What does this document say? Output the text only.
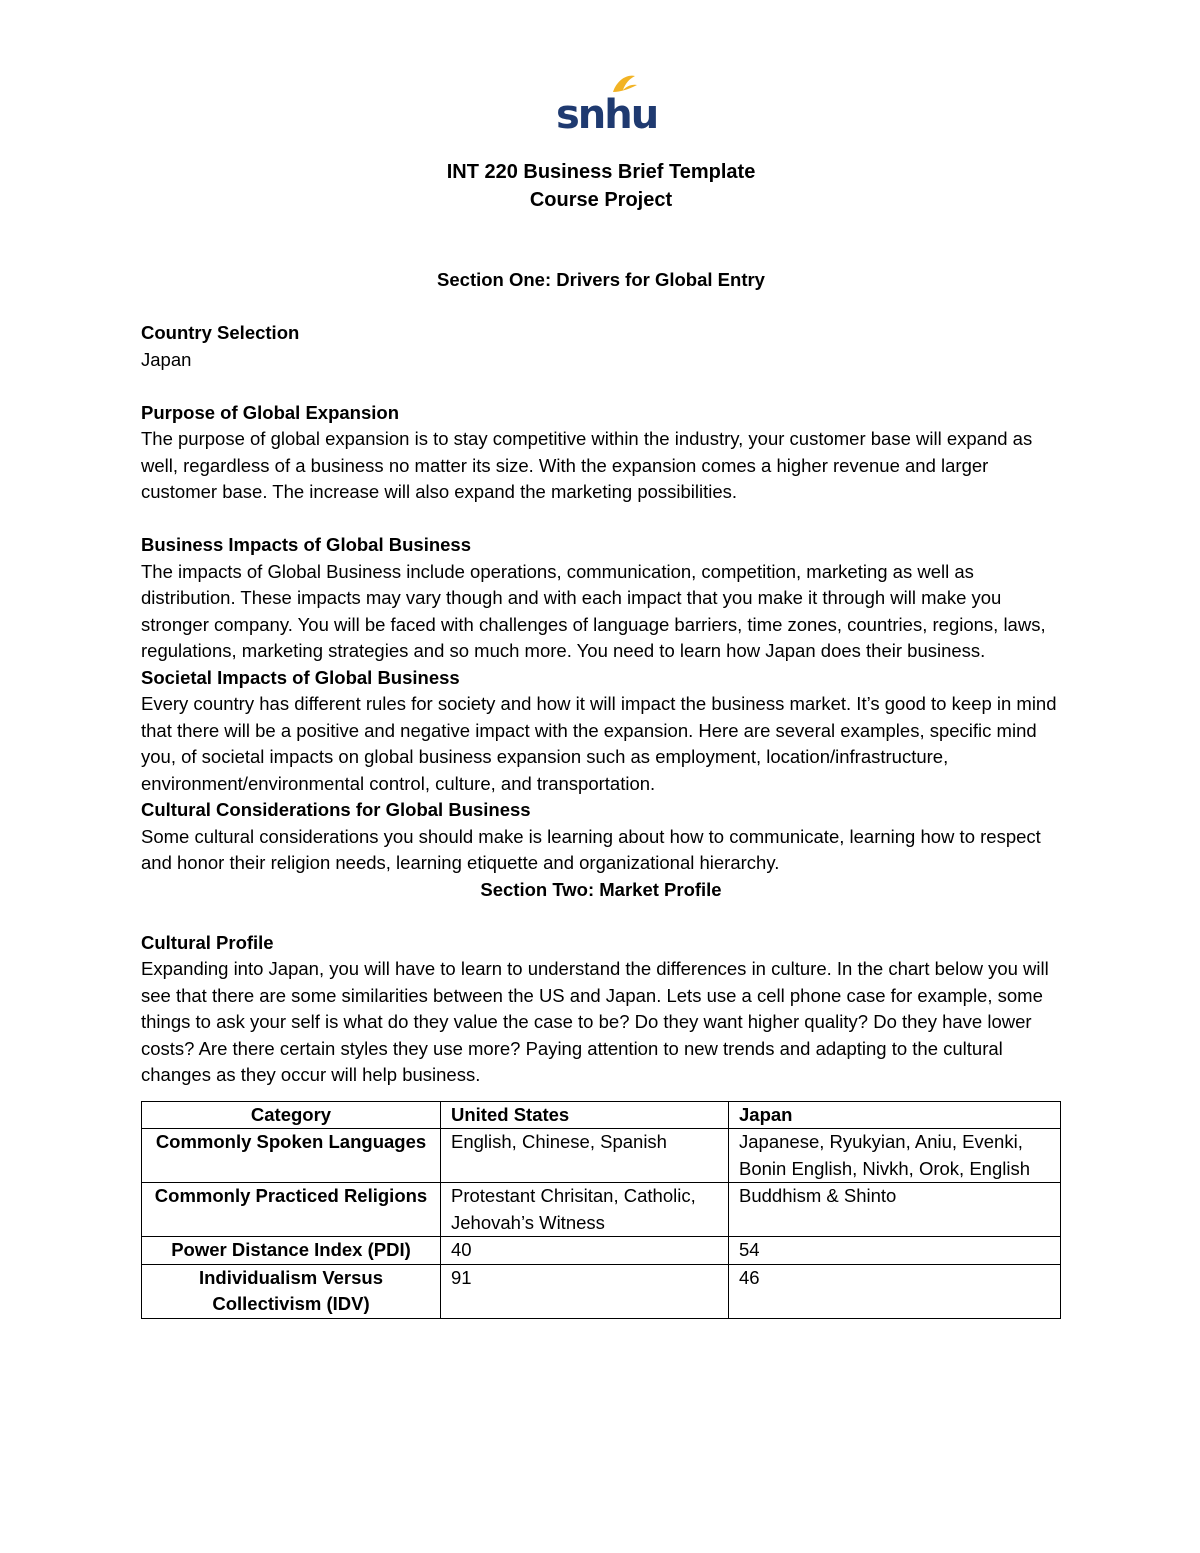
snhu

INT 220 Business Brief Template

Course Project

Section One: Drivers for Global Entry

Country Selection

Japan

Purpose of Global Expansion

The purpose of global expansion is to stay competitive within the industry, your customer base will expand as well, regardless of a business no matter its size. With the expansion comes a higher revenue and larger customer base. The increase will also expand the marketing possibilities.

Business Impacts of Global Business

The impacts of Global Business include operations, communication, competition, marketing as well as distribution. These impacts may vary though and with each impact that you make it through will make you stronger company. You will be faced with challenges of language barriers, time zones, countries, regions, laws, regulations, marketing strategies and so much more. You need to learn how Japan does their business.

Societal Impacts of Global Business

Every country has different rules for society and how it will impact the business market. It’s good to keep in mind that there will be a positive and negative impact with the expansion. Here are several examples, specific mind you, of societal impacts on global business expansion such as employment, location/infrastructure, environment/environmental control, culture, and transportation.

Cultural Considerations for Global Business

Some cultural considerations you should make is learning about how to communicate, learning how to respect and honor their religion needs, learning etiquette and organizational hierarchy.

Section Two: Market Profile

Cultural Profile

Expanding into Japan, you will have to learn to understand the differences in culture. In the chart below you will see that there are some similarities between the US and Japan. Lets use a cell phone case for example, some things to ask your self is what do they value the case to be? Do they want higher quality? Do they have lower costs? Are there certain styles they use more? Paying attention to new trends and adapting to the cultural changes as they occur will help business.

Category	United States	Japan
Commonly Spoken Languages	English, Chinese, Spanish	Japanese, Ryukyian, Aniu, Evenki, Bonin English, Nivkh, Orok, English
Commonly Practiced Religions	Protestant Chrisitan, Catholic, Jehovah’s Witness	Buddhism & Shinto
Power Distance Index (PDI)	40	54
Individualism Versus Collectivism (IDV)	91	46
